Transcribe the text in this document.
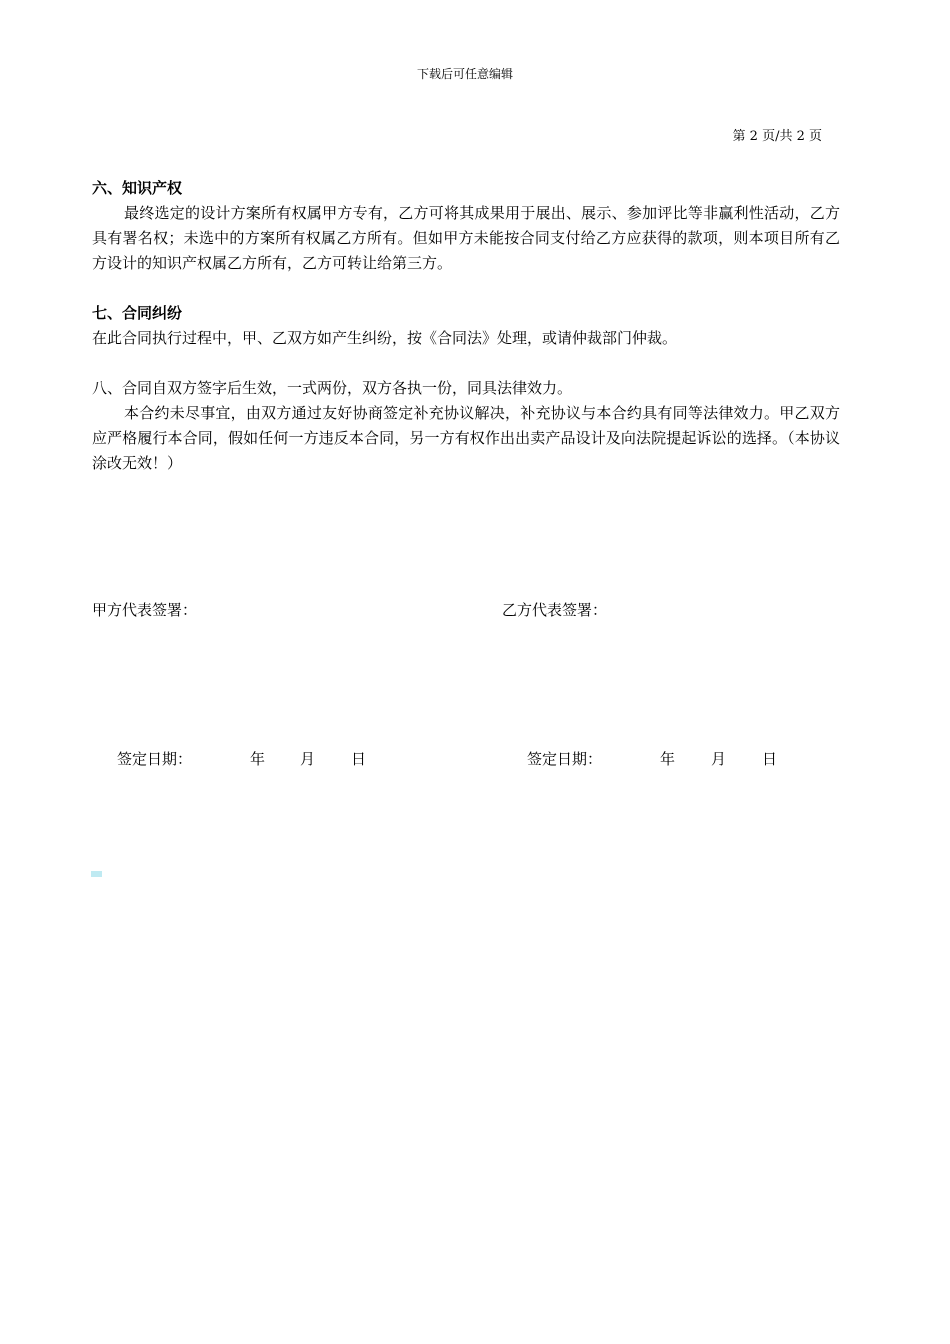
下载后可任意编辑
第 2 页/共 2 页

六、知识产权

最终选定的设计方案所有权属甲方专有，乙方可将其成果用于展出、展示、参加评比等非赢利性活动，乙方具有署名权；未选中的方案所有权属乙方所有。但如甲方未能按合同支付给乙方应获得的款项，则本项目所有乙方设计的知识产权属乙方所有，乙方可转让给第三方。

七、合同纠纷

在此合同执行过程中，甲、乙双方如产生纠纷，按《合同法》处理，或请仲裁部门仲裁。

八、合同自双方签字后生效，一式两份，双方各执一份，同具法律效力。

本合约未尽事宜，由双方通过友好协商签定补充协议解决，补充协议与本合约具有同等法律效力。甲乙双方应严格履行本合同，假如任何一方违反本合同，另一方有权作出出卖产品设计及向法院提起诉讼的选择。（本协议涂改无效！）

甲方代表签署：	乙方代表签署：
签定日期：	年 月 日	签定日期：	年 月 日
